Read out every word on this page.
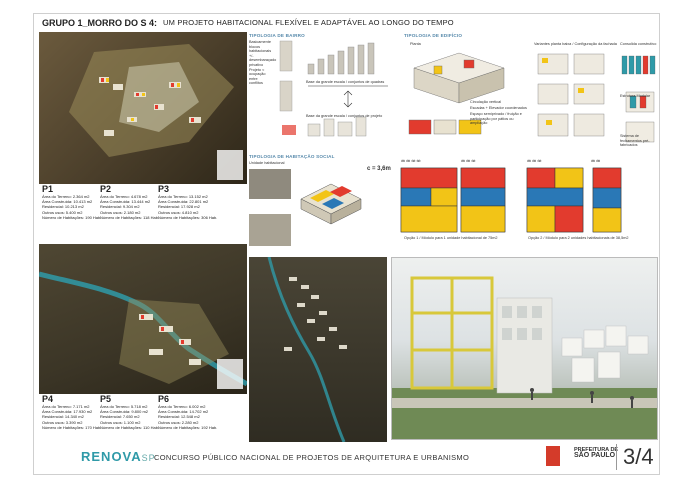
GRUPO 1_MORRO DO S 4: UM PROJETO HABITACIONAL FLEXÍVEL E ADAPTÁVEL AO LONGO DO TEMPO
P1
Área do Terreno: 2.364 m2
Área Construída: 10.413 m2
Residencial: 10.213 m2
Outros usos: 5.400 m2
Número de Habitações: 190 Hab.
P2
Área do Terreno: 4.678 m2
Área Construída: 13.444 m2
Residencial: 9.304 m2
Outros usos: 2.180 m2
Número de Habitações: 118 Hab.
P3
Área do Terreno: 13.152 m2
Área Construída: 22.801 m2
Residencial: 17.928 m2
Outros usos: 4.810 m2
Número de Habitações: 306 Hab.
P4
Área do Terreno: 7.171 m2
Área Construída: 17.930 m2
Residencial: 14.340 m2
Outros usos: 3.390 m2
Número de Habitações: 170 Hab.
P5
Área do Terreno: 5.718 m2
Área Construída: 9.800 m2
Residencial: 7.650 m2
Outros usos: 1.100 m2
Número de Habitações: 110 Hab.
P6
Área do Terreno: 6.002 m2
Área Construída: 14.702 m2
Residencial: 12.548 m2
Outros usos: 2.280 m2
Número de Habitações: 192 Hab.
TIPOLOGIA DE BAIRRO
Basicamente
blocos
habitacionais
+/-
desembaraçado
privativo
Projeto ≈
ocupação
entre
conflitos	Base da grande escala / conjuntos de quadras
Base da grande escala / conjuntos de projeto
TIPOLOGIA DE EDIFÍCIO
Planta
Circulação vertical
Escadas + Elevador coordenados
Espaço semiprivado / fruição e participação por pátios ou ampliação
Variantes planta baixa / Configuração da fachada Consolida construtivo
Estrutura Modular
Sistema de fechamentos pré-fabricados
TIPOLOGIA DE HABITAÇÃO SOCIAL
Unidade habitacional
c = 3,6m
ꙭ ꙭ ꙭ ꙭ	ꙭ ꙭ ꙭ	ꙭ ꙭ ꙭ	ꙭ ꙭ
Opção 1 / Módulo para 1 unidade habitacional de 75m2	Opção 2 / Módulo para 2 unidades habitacionais de 38,5m2
RENOVASP
CONCURSO PÚBLICO NACIONAL DE PROJETOS DE ARQUITETURA E URBANISMO
PREFEITURA DE
SÃO PAULO 3/4
